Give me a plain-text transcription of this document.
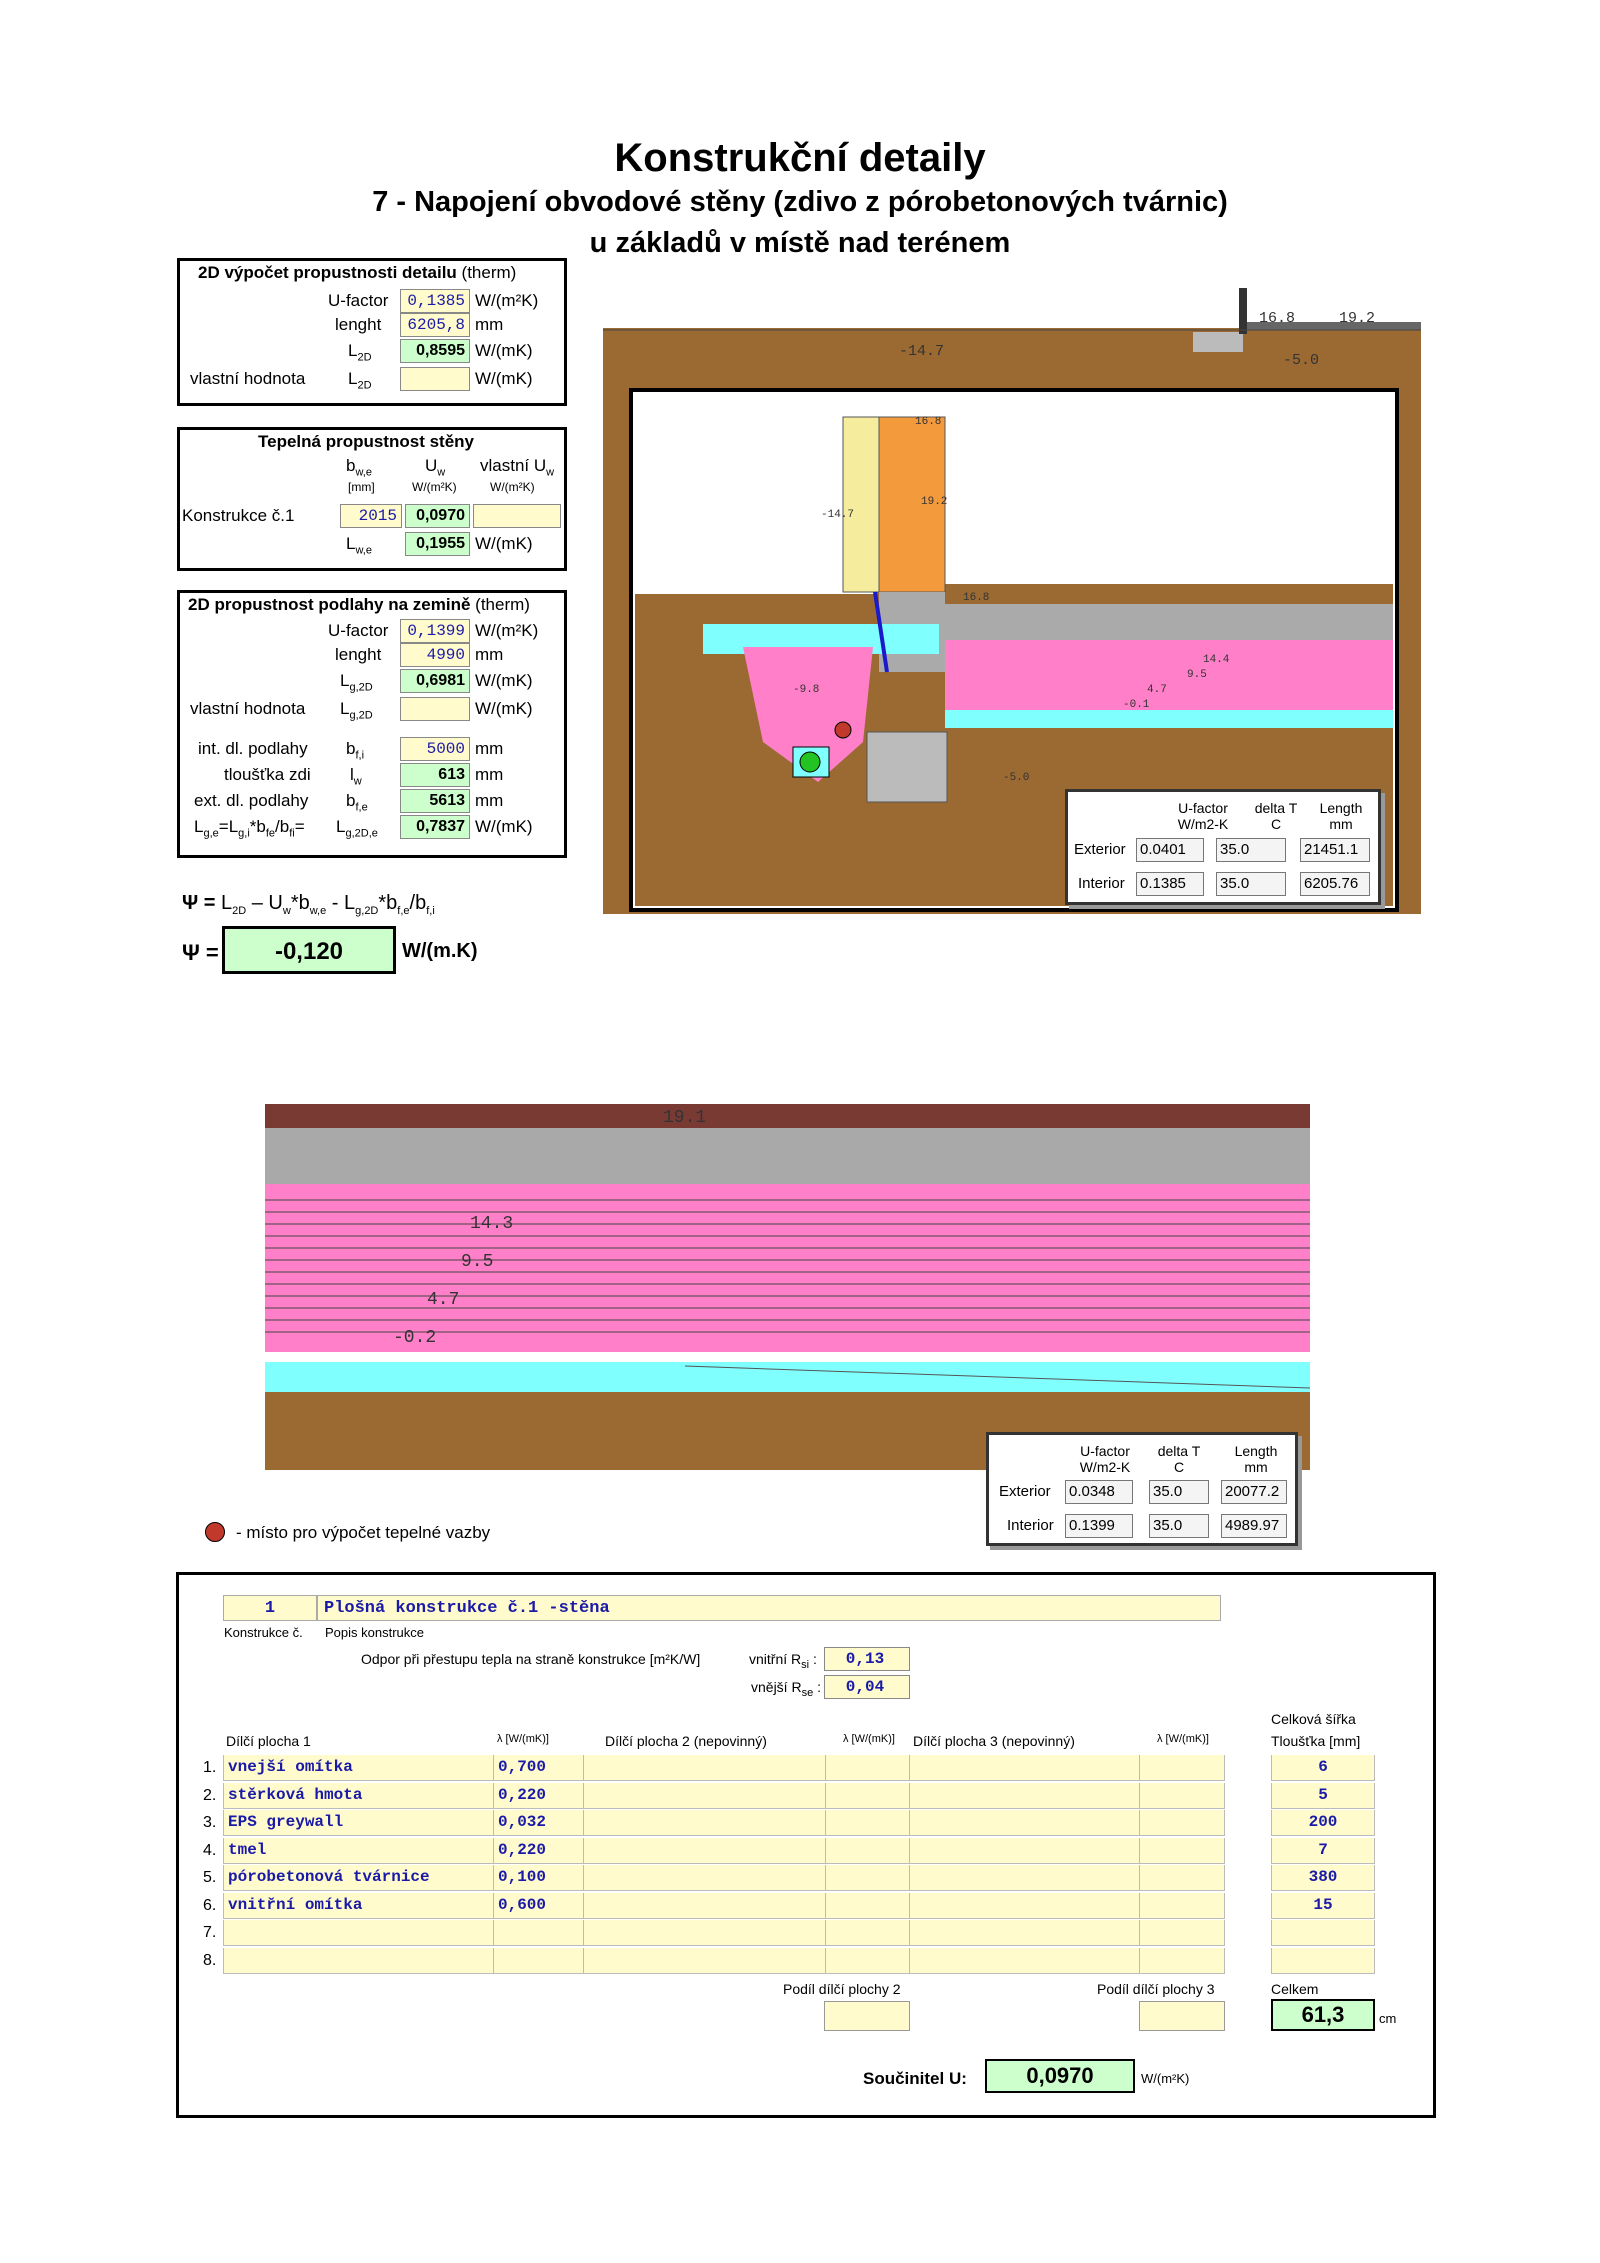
Konstrukční detaily
7 - Napojení obvodové stěny (zdivo z pórobetonových tvárnic)
u základů v místě nad terénem
2D výpočet propustnosti detailu (therm)
U-factor	0,1385 W/(m²K)
lenght	6205,8 mm
$L_{2D}$	0,8595 W/(mK)
vlastní hodnota	$L_{2D}$	W/(mK)
Tepelná propustnost stěny
$b_{w,e}$	$U_w$ vlastní $U_w$
[mm]	W/(m²K)	W/(m²K)
Konstrukce č.1	2015	0,0970
$L_{w,e}$	0,1955 W/(mK)
2D propustnost podlahy na zemině (therm)
U-factor	0,1399 W/(m²K)
lenght	4990 mm
$L_{g,2D}$	0,6981 W/(mK)
vlastní hodnota $L_{g,2D}$	W/(mK)
int. dl. podlahy $b_{f,i}$	5000 mm
tloušťka zdi $l_w$	613 mm
ext. dl. podlahy $b_{f,e}$	5613 mm
$L_{g,e}=L_{g,i}*b_{fe}/b_{fi}= L_{g,2D,e}$	0,7837 W/(mK)
$\Psi = L_{2D} - U_w*b_{w,e} - L_{g,2D}*b_{f,e}/b_{f,i}$
Ψ =	-0,120	W/(m.K)
-14.7
19.2
-5.0
16.8
16.8
19.2
16.8
-14.7
14.4
9.5
4.7
-0.1
-9.8
-5.0
U-factor
W/m2-K
delta T
C
Length
mm
Exterior 0.0401	35.0	21451.1
Interior 0.1385	35.0	6205.76
19.1
14.3
9.5
4.7
-0.2
U-factor
W/m2-K
delta T
C
Length
mm
Exterior 0.0348	35.0	20077.2
Interior 0.1399	35.0	4989.97
- místo pro výpočet tepelné vazby
1	Plošná konstrukce č.1 -stěna
Konstrukce č. Popis konstrukce
Odpor při přestupu tepla na straně konstrukce [m²K/W]	vnitřní $R_{si}$ :	0,13
vnější $R_{se}$ :	0,04
Celková šířka
Dílčí plocha 1	λ [W/(mK)]	Dílčí plocha 2 (nepovinný)	λ [W/(mK)] Dílčí plocha 3 (nepovinný)	λ [W/(mK)]	Tloušťka [mm]
1. vnejší omítka	0,700	6
2. stěrková hmota	0,220	5
3. EPS greywall	0,032	200
4. tmel	0,220	7
5. pórobetonová tvárnice	0,100	380
6. vnitřní omítka	0,600	15
7.
8.
Podíl dílčí plochy 2	Podíl dílčí plochy 3	Celkem
61,3	cm
Součinitel U:	0,0970	W/(m²K)
